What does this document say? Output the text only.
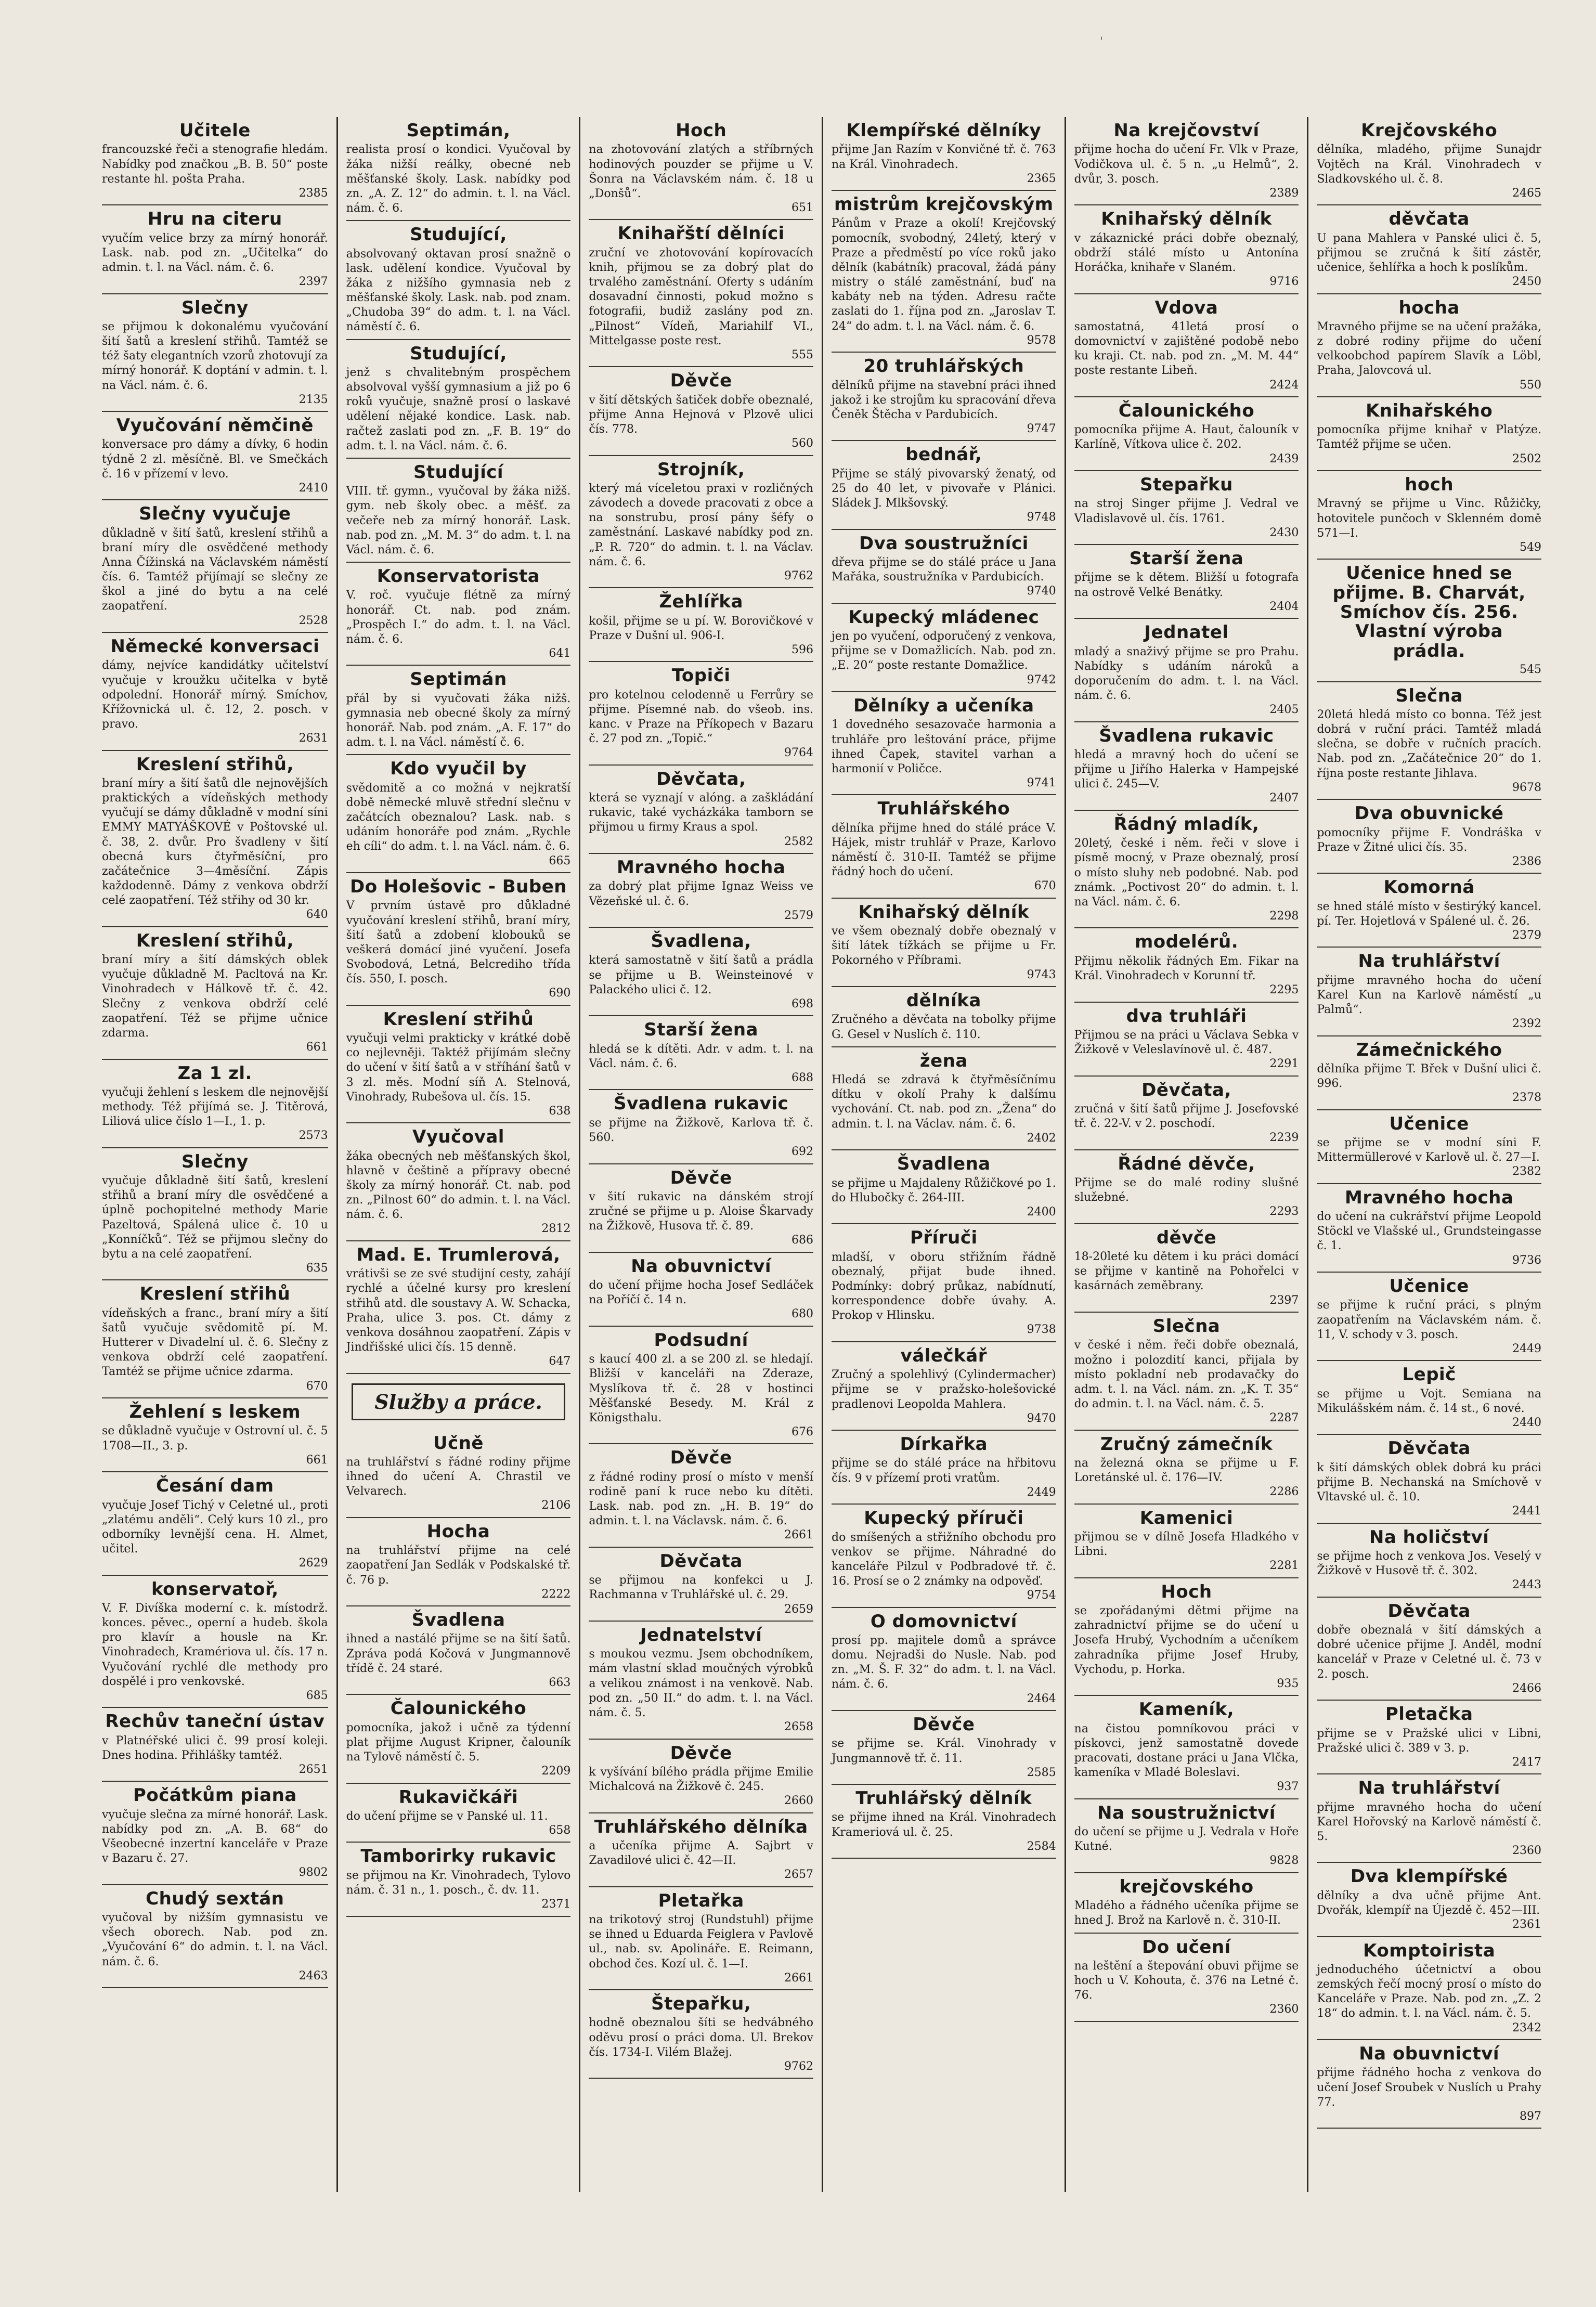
'
Učitele

francouzské řeči a stenografie hledám. Nabídky pod značkou „B. B. 50“ poste restante hl. pošta Praha.

2385
Hru na citeru

vyučím velice brzy za mírný honorář. Lask. nab. pod zn. „Učitelka“ do admin. t. l. na Václ. nám. č. 6.

2397
Slečny

se přijmou k dokonalému vyučování šití šatů a kreslení střihů. Tamtéž se též šaty elegantních vzorů zhotovují za mírný honorář. K doptání v admin. t. l. na Václ. nám. č. 6.

2135
Vyučování němčině

konversace pro dámy a dívky, 6 hodin týdně 2 zl. měsíčně. Bl. ve Smečkách č. 16 v přízemí v levo.

2410
Slečny vyučuje

důkladně v šití šatů, kreslení střihů a braní míry dle osvědčené methody Anna Čížinská na Václavském náměstí čís. 6. Tamtéž přijímají se slečny ze škol a jiné do bytu a na celé zaopatření.

2528
Německé konversaci

dámy, nejvíce kandidátky učitelství vyučuje v kroužku učitelka v bytě odpolední. Honorář mírný. Smíchov, Křížovnická ul. č. 12, 2. posch. v pravo.

2631
Kreslení střihů,

braní míry a šití šatů dle nejnovějších praktických a vídeňských methody vyučují se dámy důkladně v modní síni EMMY MATYÁŠKOVÉ v Poštovské ul. č. 38, 2. dvůr. Pro švadleny v šití obecná kurs čtyřměsíční, pro začátečnice 3—4měsíční. Zápis každodenně. Dámy z venkova obdrží celé zaopatření. Též střihy od 30 kr.

640
Kreslení střihů,

braní míry a šití dámských oblek vyučuje důkladně M. Pacltová na Kr. Vinohradech v Hálkově tř. č. 42. Slečny z venkova obdrží celé zaopatření. Též se přijme učnice zdarma.

661
Za 1 zl.

vyučuji žehlení s leskem dle nejnovější methody. Též přijímá se. J. Titěrová, Liliová ulice číslo 1—I., 1. p.

2573
Slečny

vyučuje důkladně šití šatů, kreslení střihů a braní míry dle osvědčené a úplně pochopitelné methody Marie Pazeltová, Spálená ulice č. 10 u „Konníčků“. Též se přijmou slečny do bytu a na celé zaopatření.

635
Kreslení střihů

vídeňských a franc., braní míry a šití šatů vyučuje svědomitě pí. M. Hutterer v Divadelní ul. č. 6. Slečny z venkova obdrží celé zaopatření. Tamtéž se přijme učnice zdarma.

670
Žehlení s leskem

se důkladně vyučuje v Ostrovní ul. č. 5 1708—II., 3. p.

661
Česání dam

vyučuje Josef Tichý v Celetné ul., proti „zlatému anděli“. Celý kurs 10 zl., pro odborníky levnější cena. H. Almet, učitel.

2629
konservatoř,

V. F. Divíška moderní c. k. místodrž. konces. pěvec., operní a hudeb. škola pro klavír a housle na Kr. Vinohradech, Kramériova ul. čís. 17 n. Vyučování rychlé dle methody pro dospělé i pro venkovské.

685
Rechův taneční ústav

v Platnéřské ulici č. 99 prosí koleji. Dnes hodina. Přihlášky tamtéž.

2651
Počátkům piana

vyučuje slečna za mírné honorář. Lask. nabídky pod zn. „A. B. 68“ do Všeobecné inzertní kanceláře v Praze v Bazaru č. 27.

9802
Chudý sextán

vyučoval by nižším gymnasistu ve všech oborech. Nab. pod zn. „Vyučování 6“ do admin. t. l. na Václ. nám. č. 6.

2463
Septimán,

realista prosí o kondici. Vyučoval by žáka nižší reálky, obecné neb měšťanské školy. Lask. nabídky pod zn. „A. Z. 12“ do admin. t. l. na Václ. nám. č. 6.

Studující,

absolvovaný oktavan prosí snažně o lask. udělení kondice. Vyučoval by žáka z nižšího gymnasia neb z měšťanské školy. Lask. nab. pod znam. „Chudoba 39“ do adm. t. l. na Václ. náměstí č. 6.

Studující,

jenž s chvalitebným prospěchem absolvoval vyšší gymnasium a již po 6 roků vyučuje, snažně prosí o laskavé udělení nějaké kondice. Lask. nab. račtež zaslati pod zn. „F. B. 19“ do adm. t. l. na Václ. nám. č. 6.

Studující

VIII. tř. gymn., vyučoval by žáka nižš. gym. neb školy obec. a měšť. za večeře neb za mírný honorář. Lask. nab. pod zn. „M. M. 3“ do adm. t. l. na Václ. nám. č. 6.

Konservatorista

V. roč. vyučuje flétně za mírný honorář. Ct. nab. pod znám. „Prospěch I.“ do adm. t. l. na Václ. nám. č. 6.

641
Septimán

přál by si vyučovati žáka nižš. gymnasia neb obecné školy za mírný honorář. Nab. pod znám. „A. F. 17“ do adm. t. l. na Václ. náměstí č. 6.

Kdo vyučil by

svědomitě a co možná v nejkratší době německé mluvě střední slečnu v začátcích obeznalou? Lask. nab. s udáním honoráře pod znám. „Rychle eh cíli“ do adm. t. l. na Václ. nám. č. 6.

665
Do Holešovic - Buben

V prvním ústavě pro důkladné vyučování kreslení střihů, braní míry, šití šatů a zdobení klobouků se veškerá domácí jiné vyučení. Josefa Svobodová, Letná, Belcrediho třída čís. 550, I. posch.

690
Kreslení střihů

vyučuji velmi prakticky v krátké době co nejlevněji. Taktéž přijímám slečny do učení v šití šatů a v stříhání šatů v 3 zl. měs. Modní síň A. Stelnová, Vinohrady, Rubešova ul. čís. 15.

638
Vyučoval

žáka obecných neb měšťanských škol, hlavně v češtině a přípravy obecné školy za mírný honorář. Ct. nab. pod zn. „Pilnost 60“ do admin. t. l. na Václ. nám. č. 6.

2812
Mad. E. Trumlerová,

vrátivši se ze své studijní cesty, zahájí rychlé a účelné kursy pro kreslení střihů atd. dle soustavy A. W. Schacka, Praha, ulice 3. pos. Ct. dámy z venkova dosáhnou zaopatření. Zápis v Jindřišské ulici čís. 15 denně.

647
Služby a práce.
Učně

na truhlářství s řádné rodiny přijme ihned do učení A. Chrastil ve Velvarech.

2106
Hocha

na truhlářství přijme na celé zaopatření Jan Sedlák v Podskalské tř. č. 76 p.

2222
Švadlena

ihned a nastálé přijme se na šití šatů. Zpráva podá Kočová v Jungmannově třídě č. 24 staré.

663
Čalounického

pomocníka, jakož i učně za týdenní plat přijme August Kripner, čalouník na Tylově náměstí č. 5.

2209
Rukavičkáři

do učení přijme se v Panské ul. 11.

658
Tamborirky rukavic

se přijmou na Kr. Vinohradech, Tylovo nám. č. 31 n., 1. posch., č. dv. 11.

2371
Hoch

na zhotovování zlatých a stříbrných hodinových pouzder se přijme u V. Šonra na Václavském nám. č. 18 u „Donšů“.

651
Knihařští dělníci

zruční ve zhotovování kopírovacích knih, přijmou se za dobrý plat do trvalého zaměstnání. Oferty s udáním dosavadní činnosti, pokud možno s fotografii, budiž zaslány pod zn. „Pilnost“ Vídeň, Mariahilf VI., Mittelgasse poste rest.

555
Děvče

v šití dětských šatiček dobře obeznalé, přijme Anna Hejnová v Plzově ulici čís. 778.

560
Strojník,

který má víceletou praxi v rozličných závodech a dovede pracovati z obce a na sonstrubu, prosí pány šéfy o zaměstnání. Laskavé nabídky pod zn. „P. R. 720“ do admin. t. l. na Václav. nám. č. 6.

9762
Žehlířka

košil, přijme se u pí. W. Borovičkové v Praze v Dušní ul. 906-I.

596
Topiči

pro kotelnou celodenně u Ferrůry se přijme. Písemné nab. do všeob. ins. kanc. v Praze na Příkopech v Bazaru č. 27 pod zn. „Topič.“

9764
Děvčata,

která se vyznají v alóng. a zaškládání rukavic, také vycházkáka tamborn se přijmou u firmy Kraus a spol.

2582
Mravného hocha

za dobrý plat přijme Ignaz Weiss ve Vězeňské ul. č. 6.

2579
Švadlena,

která samostatně v šití šatů a prádla se přijme u B. Weinsteinové v Palackého ulici č. 12.

698
Starší žena

hledá se k dítěti. Adr. v adm. t. l. na Václ. nám. č. 6.

688
Švadlena rukavic

se přijme na Žižkově, Karlova tř. č. 560.

692
Děvče

v šití rukavic na dánském strojí zručné se přijme u p. Aloise Škarvady na Žižkově, Husova tř. č. 89.

686
Na obuvnictví

do učení přijme hocha Josef Sedláček na Poříčí č. 14 n.

680
Podsudní

s kaucí 400 zl. a se 200 zl. se hledají. Bližší v kanceláři na Zderaze, Myslíkova tř. č. 28 v hostinci Měšťanské Besedy. M. Král z Königsthalu.

676
Děvče

z řádné rodiny prosí o místo v menší rodině paní k ruce nebo ku dítěti. Lask. nab. pod zn. „H. B. 19“ do admin. t. l. na Václavsk. nám. č. 6.

2661
Děvčata

se přijmou na konfekci u J. Rachmanna v Truhlářské ul. č. 29.

2659
Jednatelství

s moukou vezmu. Jsem obchodníkem, mám vlastní sklad moučných výrobků a velikou známost i na venkově. Nab. pod zn. „50 II.“ do adm. t. l. na Václ. nám. č. 5.

2658
Děvče

k vyšívání bílého prádla přijme Emilie Michalcová na Žižkově č. 245.

2660
Truhlářského dělníka

a učeníka přijme A. Sajbrt v Zavadilové ulici č. 42—II.

2657
Pletařka

na trikotový stroj (Rundstuhl) přijme se ihned u Eduarda Feiglera v Pavlově ul., nab. sv. Apolináře. E. Reimann, obchod čes. Kozí ul. č. 1—I.

2661
Štepařku,

hodně obeznalou šíti se hedvábného oděvu prosí o práci doma. Ul. Brekov čís. 1734-I. Vilém Blažej.

9762
Klempířské dělníky

přijme Jan Razím v Konvičné tř. č. 763 na Král. Vinohradech.

2365
mistrům krejčovským

Pánům v Praze a okolí! Krejčovský pomocník, svobodný, 24letý, který v Praze a předměstí po více roků jako dělník (kabátník) pracoval, žádá pány mistry o stálé zaměstnání, buď na kabáty neb na týden. Adresu račte zaslati do 1. října pod zn. „Jaroslav T. 24“ do adm. t. l. na Václ. nám. č. 6.

9578
20 truhlářských

dělníků přijme na stavební práci ihned jakož i ke strojům ku spracování dřeva Čeněk Štěcha v Pardubicích.

9747
bednář,

Přijme se stálý pivovarský ženatý, od 25 do 40 let, v pivovaře v Plánici. Sládek J. Mlkšovský.

9748
Dva soustružníci

dřeva přijme se do stálé práce u Jana Mařáka, soustružníka v Pardubicích.

9740
Kupecký mládenec

jen po vyučení, odporučený z venkova, přijme se v Domažlicích. Nab. pod zn. „E. 20“ poste restante Domažlice.

9742
Dělníky a učeníka

1 dovedného sesazovače harmonia a truhláře pro leštování práce, přijme ihned Čapek, stavitel varhan a harmonií v Poličce.

9741
Truhlářského

dělníka přijme hned do stálé práce V. Hájek, mistr truhlář v Praze, Karlovo náměstí č. 310-II. Tamtéž se přijme řádný hoch do učení.

670
Knihařský dělník

ve všem obeznalý dobře obeznalý v šití látek tížkách se přijme u Fr. Pokorného v Příbrami.

9743
dělníka

Zručného a děvčata na tobolky přijme G. Gesel v Nuslích č. 110.

žena

Hledá se zdravá k čtyřměsíčnímu dítku v okolí Prahy k dalšímu vychování. Ct. nab. pod zn. „Žena“ do admin. t. l. na Václav. nám. č. 6.

2402
Švadlena

se přijme u Majdaleny Růžičkové po 1. do Hlubočky č. 264-III.

2400
Příruči

mladší, v oboru střižním řádně obeznalý, přijat bude ihned. Podmínky: dobrý průkaz, nabídnutí, korrespondence dobře úvahy. A. Prokop v Hlinsku.

9738
válečkář

Zručný a spolehlivý (Cylindermacher) přijme se v pražsko-holešovické pradlenovi Leopolda Mahlera.

9470
Dírkařka

přijme se do stálé práce na hřbitovu čís. 9 v přízemí proti vratům.

2449
Kupecký příruči

do smíšených a střižního obchodu pro venkov se přijme. Náhradné do kanceláře Pilzul v Podbradové tř. č. 16. Prosí se o 2 známky na odpověď.

9754
O domovnictví

prosí pp. majitele domů a správce domu. Nejradši do Nusle. Nab. pod zn. „M. Š. F. 32“ do adm. t. l. na Václ. nám. č. 6.

2464
Děvče

se přijme se. Král. Vinohrady v Jungmannově tř. č. 11.

2585
Truhlářský dělník

se přijme ihned na Král. Vinohradech Krameriová ul. č. 25.

2584
Na krejčovství

přijme hocha do učení Fr. Vlk v Praze, Vodičkova ul. č. 5 n. „u Helmů“, 2. dvůr, 3. posch.

2389
Knihařský dělník

v zákaznické práci dobře obeznalý, obdrží stálé místo u Antonína Horáčka, knihaře v Slaném.

9716
Vdova

samostatná, 41letá prosí o domovnictví v zajištěné podobě nebo ku kraji. Ct. nab. pod zn. „M. M. 44“ poste restante Libeň.

2424
Čalounického

pomocníka přijme A. Haut, čalouník v Karlíně, Vítkova ulice č. 202.

2439
Stepařku

na stroj Singer přijme J. Vedral ve Vladislavově ul. čís. 1761.

2430
Starší žena

přijme se k dětem. Bližší u fotografa na ostrově Velké Benátky.

2404
Jednatel

mladý a snaživý přijme se pro Prahu. Nabídky s udáním nároků a doporučením do adm. t. l. na Václ. nám. č. 6.

2405
Švadlena rukavic

hledá a mravný hoch do učení se přijme u Jiřího Halerka v Hampejské ulici č. 245—V.

2407
Řádný mladík,

20letý, české i něm. řeči v slove i písmě mocný, v Praze obeznalý, prosí o místo sluhy neb podobné. Nab. pod známk. „Poctivost 20“ do admin. t. l. na Václ. nám. č. 6.

2298
modelérů.

Přijmu několik řádných Em. Fikar na Král. Vinohradech v Korunní tř.

2295
dva truhláři

Přijmou se na práci u Václava Sebka v Žižkově v Veleslavínově ul. č. 487.

2291
Děvčata,

zručná v šití šatů přijme J. Josefovské tř. č. 22-V. v 2. poschodí.

2239
Řádné děvče,

Přijme se do malé rodiny slušné služebné.

2293
děvče

18-20leté ku dětem i ku práci domácí se přijme v kantině na Pohořelci v kasárnách zeměbrany.

2397
Slečna

v české i něm. řeči dobře obeznalá, možno i polozdití kanci, přijala by místo pokladní neb prodavačky do adm. t. l. na Václ. nám. zn. „K. T. 35“ do admin. t. l. na Václ. nám. č. 5.

2287
Zručný zámečník

na železná okna se přijme u F. Loretánské ul. č. 176—IV.

2286
Kamenici

přijmou se v dílně Josefa Hladkého v Libni.

2281
Hoch

se zpořádanými dětmi přijme na zahradnictví přijme se do učení u Josefa Hrubý, Vychodním a učeníkem zahradníka přijme Josef Hruby, Vychodu, p. Horka.

935
Kameník,

na čistou pomníkovou práci v pískovci, jenž samostatně dovede pracovati, dostane práci u Jana Vlčka, kameníka v Mladé Boleslavi.

937
Na soustružnictví

do učení se přijme u J. Vedrala v Hoře Kutné.

9828
krejčovského

Mladého a řádného učeníka přijme se hned J. Brož na Karlově n. č. 310-II.

Do učení

na leštění a štepování obuvi přijme se hoch u V. Kohouta, č. 376 na Letné č. 76.

2360
Krejčovského

dělníka, mladého, přijme Sunajdr Vojtěch na Král. Vinohradech v Sladkovského ul. č. 8.

2465
děvčata

U pana Mahlera v Panské ulici č. 5, přijmou se zručná k šití zástěr, učenice, šehlířka a hoch k poslíkům.

2450
hocha

Mravného přijme se na učení pražáka, z dobré rodiny přijme do učení velkoobchod papírem Slavík a Löbl, Praha, Jalovcová ul.

550
Knihařského

pomocníka přijme knihař v Platýze. Tamtéž přijme se učen.

2502
hoch

Mravný se přijme u Vinc. Růžičky, hotovitele punčoch v Sklenném domě 571—I.

549
Učenice hned se přijme. B. Charvát, Smíchov čís. 256. Vlastní výroba prádla.

545
Slečna

20letá hledá místo co bonna. Též jest dobrá v ruční práci. Tamtéž mladá slečna, se dobře v ručních pracích. Nab. pod zn. „Začátečnice 20“ do 1. října poste restante Jihlava.

9678
Dva obuvnické

pomocníky přijme F. Vondráška v Praze v Žitné ulici čís. 35.

2386
Komorná

se hned stálé místo v šestirýký kancel. pí. Ter. Hojetlová v Spálené ul. č. 26.

2379
Na truhlářství

přijme mravného hocha do učení Karel Kun na Karlově náměstí „u Palmů“.

2392
Zámečnického

dělníka přijme T. Břek v Dušní ulici č. 996.

2378
Učenice

se přijme se v modní síni F. Mittermüllerové v Karlově ul. č. 27—I.

2382
Mravného hocha

do učení na cukrářství přijme Leopold Stöckl ve Vlašské ul., Grundsteingasse č. 1.

9736
Učenice

se přijme k ruční práci, s plným zaopatřením na Václavském nám. č. 11, V. schody v 3. posch.

2449
Lepič

se přijme u Vojt. Semiana na Mikulášském nám. č. 14 st., 6 nové.

2440
Děvčata

k šití dámských oblek dobrá ku práci přijme B. Nechanská na Smíchově v Vltavské ul. č. 10.

2441
Na holičství

se přijme hoch z venkova Jos. Veselý v Žižkově v Husově tř. č. 302.

2443
Děvčata

dobře obeznalá v šití dámských a dobré učenice přijme J. Anděl, modní kancelář v Praze v Celetné ul. č. 73 v 2. posch.

2466
Pletačka

přijme se v Pražské ulici v Libni, Pražské ulici č. 389 v 3. p.

2417
Na truhlářství

přijme mravného hocha do učení Karel Hořovský na Karlově náměstí č. 5.

2360
Dva klempířské

dělníky a dva učně přijme Ant. Dvořák, klempíř na Újezdě č. 452—III.

2361
Komptoirista

jednoduchého účetnictví a obou zemských řečí mocný prosí o místo do Kanceláře v Praze. Nab. pod zn. „Z. 2 18“ do admin. t. l. na Václ. nám. č. 5.

2342
Na obuvnictví

přijme řádného hocha z venkova do učení Josef Sroubek v Nuslích u Prahy 77.

897
